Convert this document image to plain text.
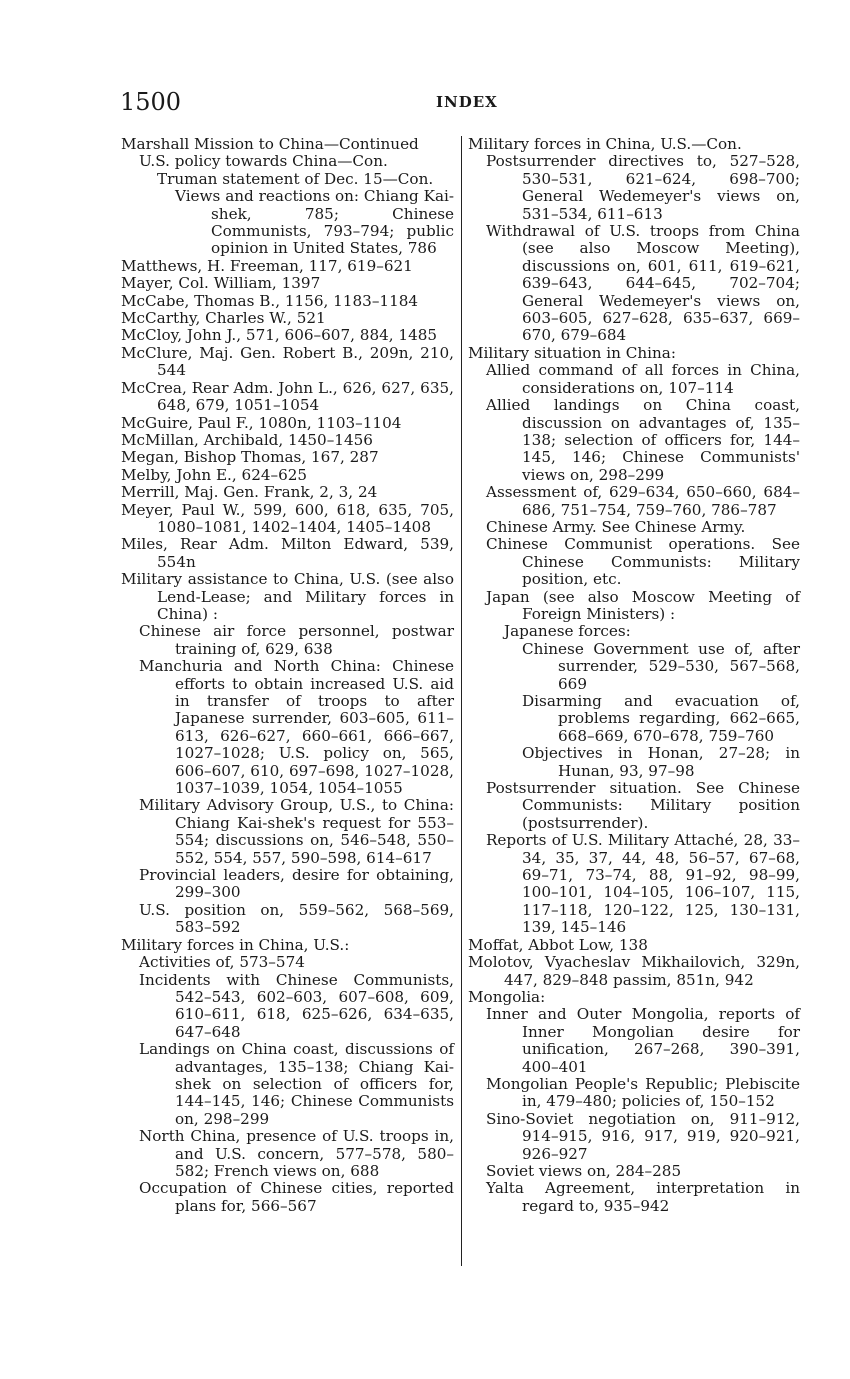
1500	INDEX

Marshall Mission to China—Continued

U.S. policy towards China—Con.

Truman statement of Dec. 15—Con.

Views and reactions on: Chiang Kai-shek, 785; Chinese Communists, 793–794; public opinion in United States, 786

Matthews, H. Freeman, 117, 619–621

Mayer, Col. William, 1397

McCabe, Thomas B., 1156, 1183–1184

McCarthy, Charles W., 521

McCloy, John J., 571, 606–607, 884, 1485

McClure, Maj. Gen. Robert B., 209n, 210, 544

McCrea, Rear Adm. John L., 626, 627, 635, 648, 679, 1051–1054

McGuire, Paul F., 1080n, 1103–1104

McMillan, Archibald, 1450–1456

Megan, Bishop Thomas, 167, 287

Melby, John E., 624–625

Merrill, Maj. Gen. Frank, 2, 3, 24

Meyer, Paul W., 599, 600, 618, 635, 705, 1080–1081, 1402–1404, 1405–1408

Miles, Rear Adm. Milton Edward, 539, 554n

Military assistance to China, U.S. (see also Lend-Lease; and Military forces in China) :

Chinese air force personnel, postwar training of, 629, 638

Manchuria and North China: Chinese efforts to obtain increased U.S. aid in transfer of troops to after Japanese surrender, 603–605, 611–613, 626–627, 660–661, 666–667, 1027–1028; U.S. policy on, 565, 606–607, 610, 697–698, 1027–1028, 1037–1039, 1054, 1054–1055

Military Advisory Group, U.S., to China: Chiang Kai-shek's request for 553–554; discussions on, 546–548, 550–552, 554, 557, 590–598, 614–617

Provincial leaders, desire for obtaining, 299–300

U.S. position on, 559–562, 568–569, 583–592

Military forces in China, U.S.:

Activities of, 573–574

Incidents with Chinese Communists, 542–543, 602–603, 607–608, 609, 610–611, 618, 625–626, 634–635, 647–648

Landings on China coast, discussions of advantages, 135–138; Chiang Kai-shek on selection of officers for, 144–145, 146; Chinese Communists on, 298–299

North China, presence of U.S. troops in, and U.S. concern, 577–578, 580–582; French views on, 688

Occupation of Chinese cities, reported plans for, 566–567

Military forces in China, U.S.—Con.

Postsurrender directives to, 527–528, 530–531, 621–624, 698–700; General Wedemeyer's views on, 531–534, 611–613

Withdrawal of U.S. troops from China (see also Moscow Meeting), discussions on, 601, 611, 619–621, 639–643, 644–645, 702–704; General Wedemeyer's views on, 603–605, 627–628, 635–637, 669–670, 679–684

Military situation in China:

Allied command of all forces in China, considerations on, 107–114

Allied landings on China coast, discussion on advantages of, 135–138; selection of officers for, 144–145, 146; Chinese Communists' views on, 298–299

Assessment of, 629–634, 650–660, 684–686, 751–754, 759–760, 786–787

Chinese Army. See Chinese Army.

Chinese Communist operations. See Chinese Communists: Military position, etc.

Japan (see also Moscow Meeting of Foreign Ministers) :

Japanese forces:

Chinese Government use of, after surrender, 529–530, 567–568, 669

Disarming and evacuation of, problems regarding, 662–665, 668–669, 670–678, 759–760

Objectives in Honan, 27–28; in Hunan, 93, 97–98

Postsurrender situation. See Chinese Communists: Military position (postsurrender).

Reports of U.S. Military Attaché, 28, 33–34, 35, 37, 44, 48, 56–57, 67–68, 69–71, 73–74, 88, 91–92, 98–99, 100–101, 104–105, 106–107, 115, 117–118, 120–122, 125, 130–131, 139, 145–146

Moffat, Abbot Low, 138

Molotov, Vyacheslav Mikhailovich, 329n, 447, 829–848 passim, 851n, 942

Mongolia:

Inner and Outer Mongolia, reports of Inner Mongolian desire for unification, 267–268, 390–391, 400–401

Mongolian People's Republic; Plebiscite in, 479–480; policies of, 150–152

Sino-Soviet negotiation on, 911–912, 914–915, 916, 917, 919, 920–921, 926–927

Soviet views on, 284–285

Yalta Agreement, interpretation in regard to, 935–942
